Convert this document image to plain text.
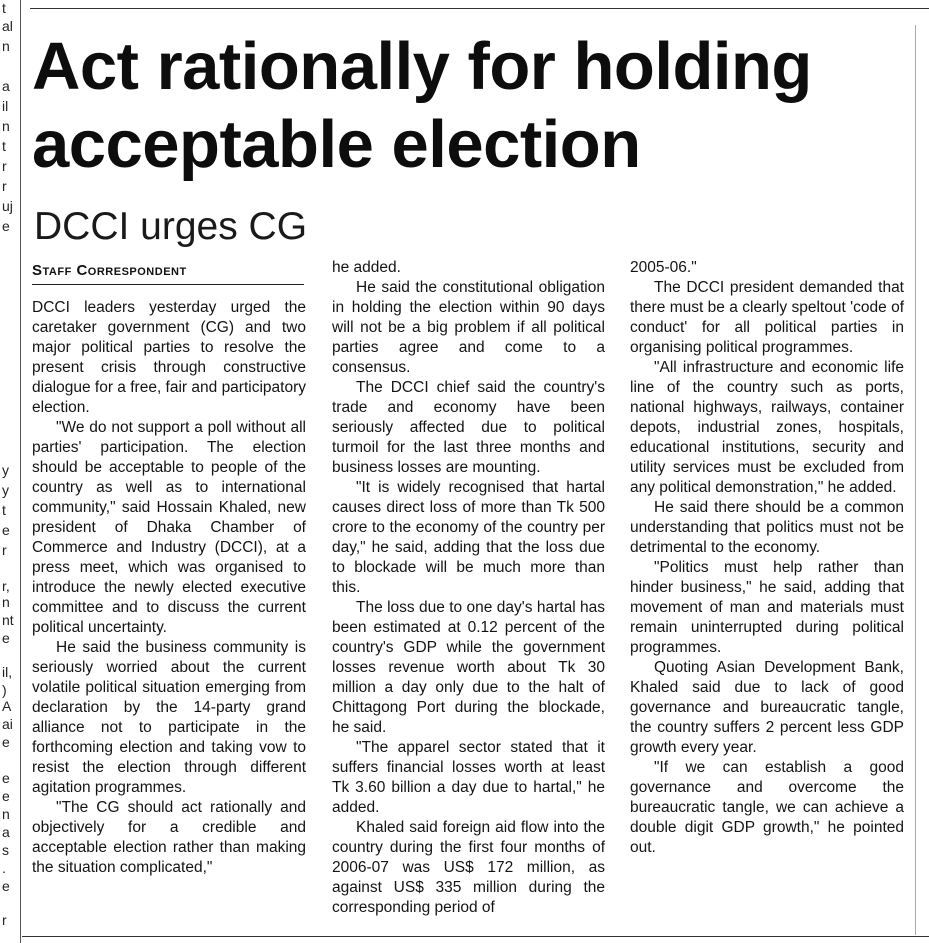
t
al
n
a
il
n
t
r
r
uj
e
y
y
t
e
r
r,
n
nt
e
il,
)
A
ai
e
e
e
n
a
s
.
e
r
Act rationally for holding acceptable election
DCCI urges CG
Staff Correspondent

DCCI leaders yesterday urged the caretaker government (CG) and two major political parties to resolve the present crisis through constructive dialogue for a free, fair and participatory election.

"We do not support a poll without all parties' participation. The election should be acceptable to people of the country as well as to international community," said Hossain Khaled, new president of Dhaka Chamber of Commerce and Industry (DCCI), at a press meet, which was organised to introduce the newly elected executive committee and to discuss the current political uncertainty.

He said the business community is seriously worried about the current volatile political situation emerging from declaration by the 14-party grand alliance not to participate in the forthcoming election and taking vow to resist the election through different agitation programmes.

"The CG should act rationally and objectively for a credible and acceptable election rather than making the situation complicated,"

he added.

He said the constitutional obligation in holding the election within 90 days will not be a big problem if all political parties agree and come to a consensus.

The DCCI chief said the country's trade and economy have been seriously affected due to political turmoil for the last three months and business losses are mounting.

"It is widely recognised that hartal causes direct loss of more than Tk 500 crore to the economy of the country per day," he said, adding that the loss due to blockade will be much more than this.

The loss due to one day's hartal has been estimated at 0.12 percent of the country's GDP while the government losses revenue worth about Tk 30 million a day only due to the halt of Chittagong Port during the blockade, he said.

"The apparel sector stated that it suffers financial losses worth at least Tk 3.60 billion a day due to hartal," he added.

Khaled said foreign aid flow into the country during the first four months of 2006-07 was US$ 172 million, as against US$ 335 million during the corresponding period of

2005-06."

The DCCI president demanded that there must be a clearly speltout 'code of conduct' for all political parties in organising political programmes.

"All infrastructure and economic life line of the country such as ports, national highways, railways, container depots, industrial zones, hospitals, educational institutions, security and utility services must be excluded from any political demonstration," he added.

He said there should be a common understanding that politics must not be detrimental to the economy.

"Politics must help rather than hinder business," he said, adding that movement of man and materials must remain uninterrupted during political programmes.

Quoting Asian Development Bank, Khaled said due to lack of good governance and bureaucratic tangle, the country suffers 2 percent less GDP growth every year.

"If we can establish a good governance and overcome the bureaucratic tangle, we can achieve a double digit GDP growth," he pointed out.
